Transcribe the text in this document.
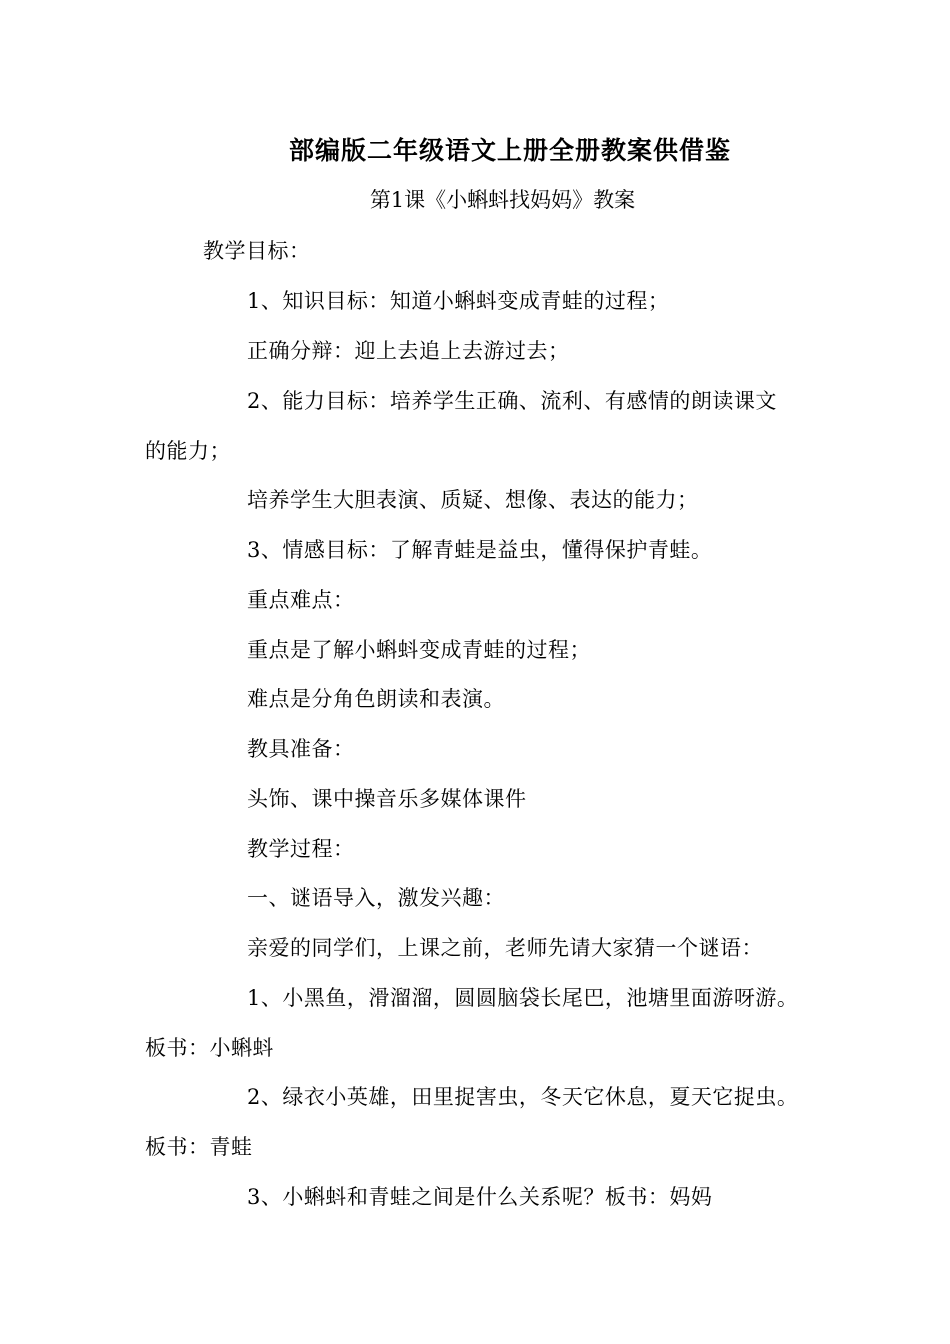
部编版二年级语文上册全册教案供借鉴
第1课《小蝌蚪找妈妈》教案
教学目标：
1、知识目标：知道小蝌蚪变成青蛙的过程；
正确分辩：迎上去追上去游过去；
2、能力目标：培养学生正确、流利、有感情的朗读课文
的能力；
培养学生大胆表演、质疑、想像、表达的能力；
3、情感目标：了解青蛙是益虫，懂得保护青蛙。
重点难点：
重点是了解小蝌蚪变成青蛙的过程；
难点是分角色朗读和表演。
教具准备：
头饰、课中操音乐多媒体课件
教学过程：
一、谜语导入，激发兴趣：
亲爱的同学们，上课之前，老师先请大家猜一个谜语：
1、小黑鱼，滑溜溜，圆圆脑袋长尾巴，池塘里面游呀游。
板书：小蝌蚪
2、绿衣小英雄，田里捉害虫，冬天它休息，夏天它捉虫。
板书：青蛙
3、小蝌蚪和青蛙之间是什么关系呢？板书：妈妈
